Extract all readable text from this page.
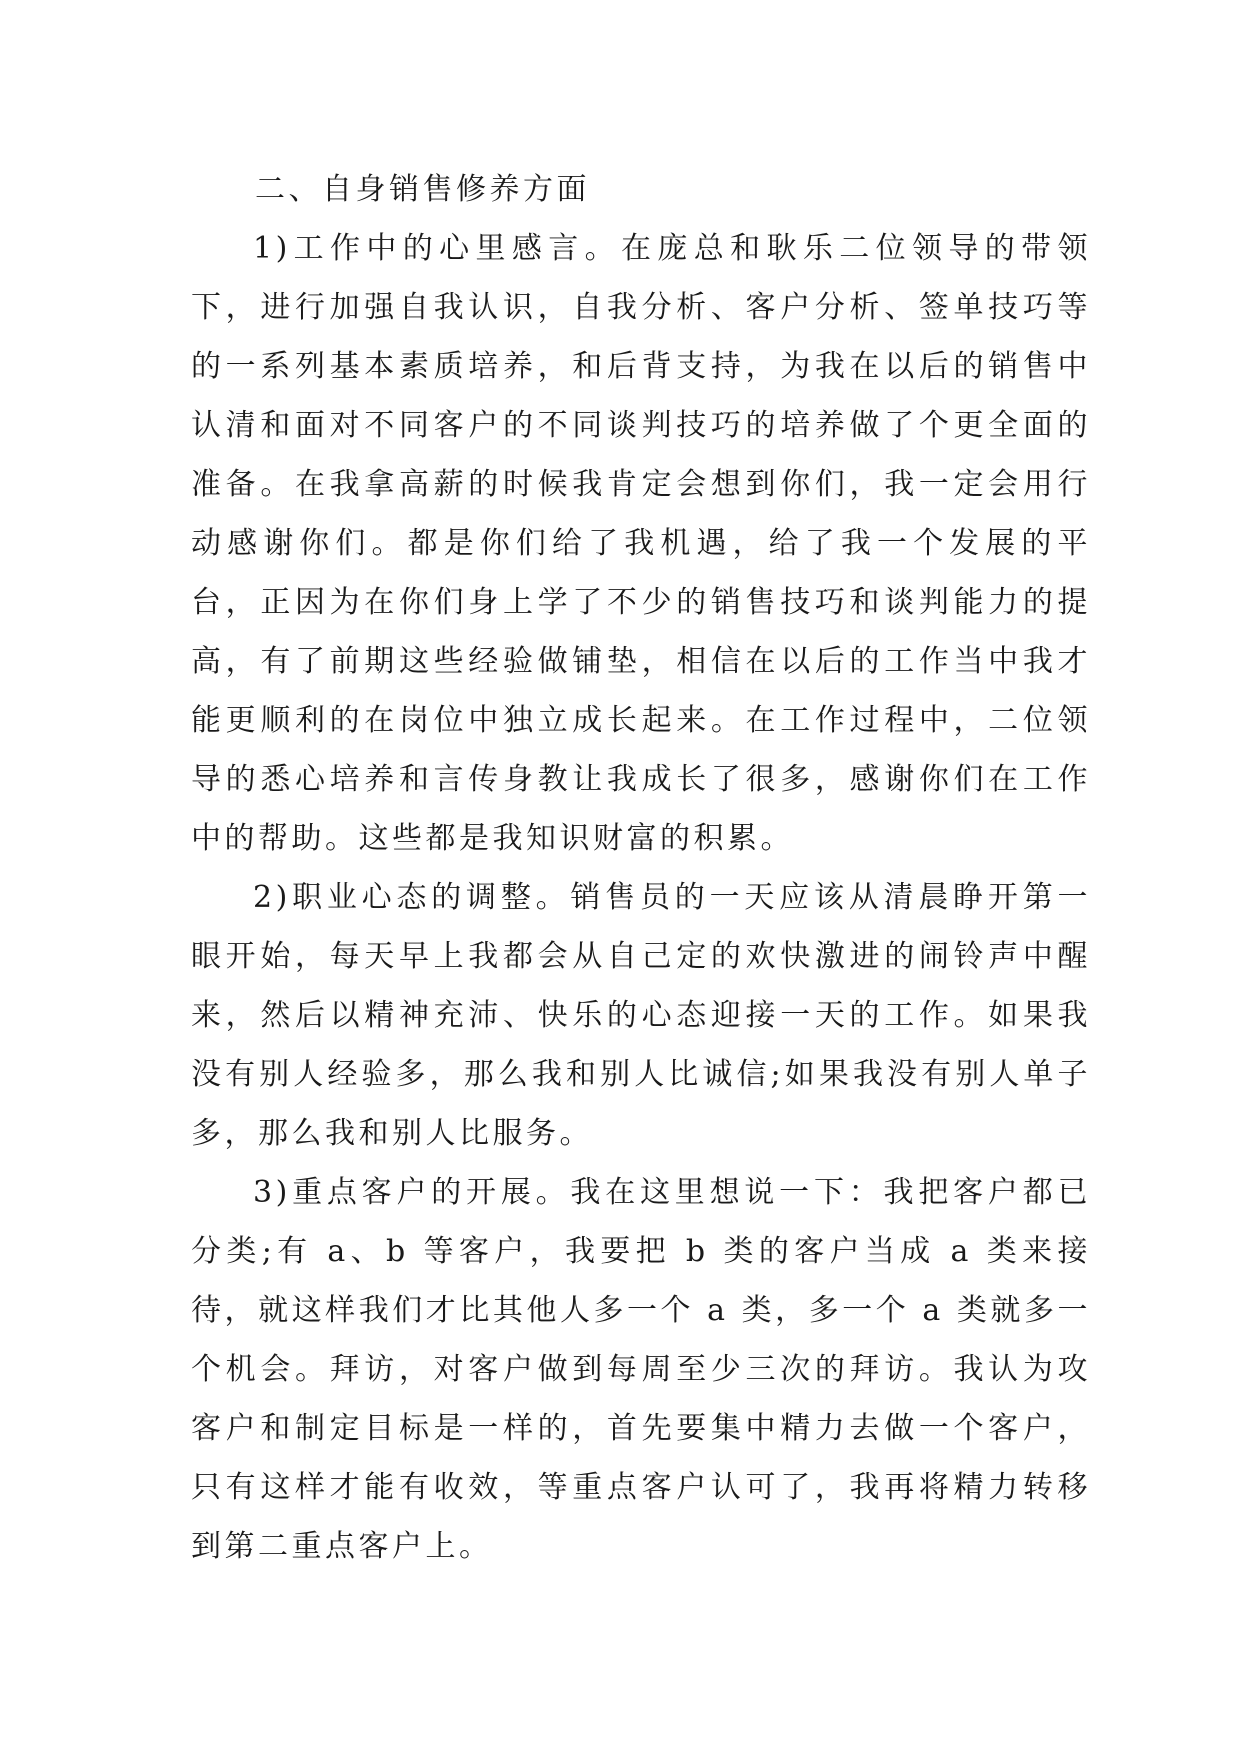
二、自身销售修养方面

1)工作中的心里感言。在庞总和耿乐二位领导的带领下，进行加强自我认识，自我分析、客户分析、签单技巧等的一系列基本素质培养，和后背支持，为我在以后的销售中认清和面对不同客户的不同谈判技巧的培养做了个更全面的准备。在我拿高薪的时候我肯定会想到你们，我一定会用行动感谢你们。都是你们给了我机遇，给了我一个发展的平台，正因为在你们身上学了不少的销售技巧和谈判能力的提高，有了前期这些经验做铺垫，相信在以后的工作当中我才能更顺利的在岗位中独立成长起来。在工作过程中，二位领导的悉心培养和言传身教让我成长了很多，感谢你们在工作中的帮助。这些都是我知识财富的积累。

2)职业心态的调整。销售员的一天应该从清晨睁开第一眼开始，每天早上我都会从自己定的欢快激进的闹铃声中醒来，然后以精神充沛、快乐的心态迎接一天的工作。如果我没有别人经验多，那么我和别人比诚信;如果我没有别人单子多，那么我和别人比服务。

3)重点客户的开展。我在这里想说一下：我把客户都已分类;有 a、b 等客户，我要把 b 类的客户当成 a 类来接待，就这样我们才比其他人多一个 a 类，多一个 a 类就多一个机会。拜访，对客户做到每周至少三次的拜访。我认为攻客户和制定目标是一样的，首先要集中精力去做一个客户，只有这样才能有收效，等重点客户认可了，我再将精力转移到第二重点客户上。
